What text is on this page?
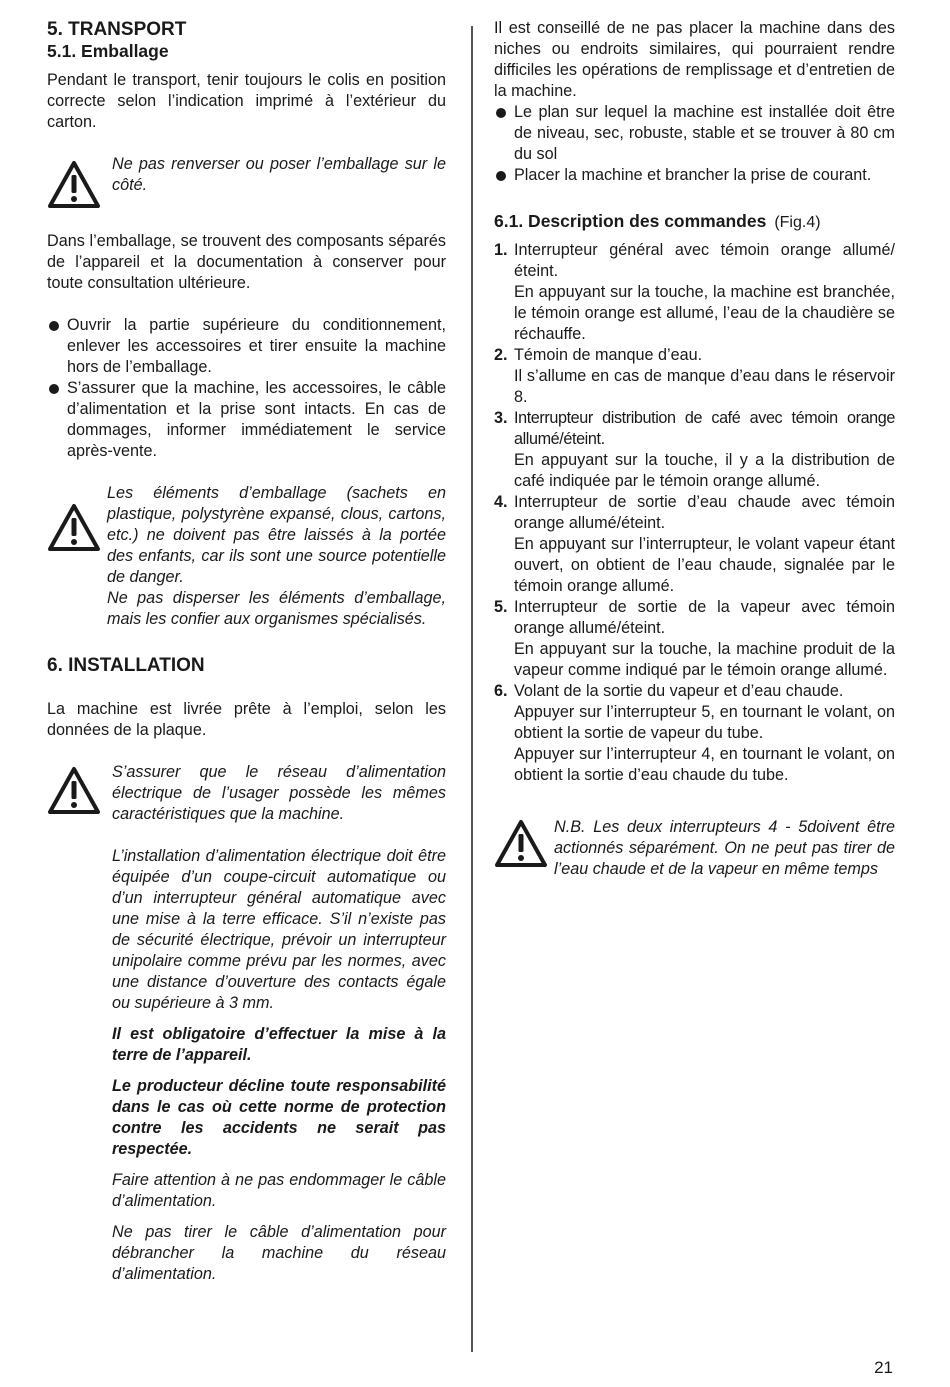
5. TRANSPORT
5.1. Emballage

Pendant le transport, tenir toujours le colis en position correcte selon l’indication imprimé à l’extérieur du carton.

Ne pas renverser ou poser l’emballage sur le côté.

Dans l’emballage, se trouvent des composants séparés de l’appareil et la documentation à conserver pour toute consultation ultérieure.

Ouvrir la partie supérieure du conditionnement, enlever les accessoires et tirer ensuite la machine hors de l’emballage.
S’assurer que la machine, les accessoires, le câble d’alimentation et la prise sont intacts. En cas de dommages, informer immédiatement le service après-vente.

Les éléments d’emballage (sachets en plastique, polystyrène expansé, clous, cartons, etc.) ne doivent pas être laissés à la portée des enfants, car ils sont une source potentielle de danger.

Ne pas disperser les éléments d’emballage, mais les confier aux organismes spécialisés.

6. INSTALLATION

La machine est livrée prête à l’emploi, selon les données de la plaque.

S’assurer que le réseau d’alimentation électrique de l’usager possède les mêmes caractéristiques que la machine.

L’installation d’alimentation électrique doit être équipée d’un coupe-circuit automatique ou d’un interrupteur général automatique avec une mise à la terre efficace. S’il n’existe pas de sécurité électrique, prévoir un interrupteur unipolaire comme prévu par les normes, avec une distance d’ouverture des contacts égale ou supérieure à 3 mm.

Il est obligatoire d’effectuer la mise à la terre de l’appareil.

Le producteur décline toute responsabilité dans le cas où cette norme de protection contre les accidents ne serait pas respectée.

Faire attention à ne pas endommager le câble d’alimentation.

Ne pas tirer le câble d’alimentation pour débrancher la machine du réseau d’alimentation.

Il est conseillé de ne pas placer la machine dans des niches ou endroits similaires, qui pourraient rendre difficiles les opérations de remplissage et d’entretien de la machine.

Le plan sur lequel la machine est installée doit être de niveau, sec, robuste, stable et se trouver à 80 cm du sol
Placer la machine et brancher la prise de courant.
6.1. Description des commandes (Fig.4)
1. Interrupteur général avec témoin orange allumé/éteint.
En appuyant sur la touche, la machine est branchée, le témoin orange est allumé, l’eau de la chaudière se réchauffe.
2. Témoin de manque d’eau.
Il s’allume en cas de manque d’eau dans le réservoir 8.
3. Interrupteur distribution de café avec témoin orange allumé/éteint.
En appuyant sur la touche, il y a la distribution de café indiquée par le témoin orange allumé.
4. Interrupteur de sortie d’eau chaude avec témoin orange allumé/éteint.
En appuyant sur l’interrupteur, le volant vapeur étant ouvert, on obtient de l’eau chaude, signalée par le témoin orange allumé.
5. Interrupteur de sortie de la vapeur avec témoin orange allumé/éteint.
En appuyant sur la touche, la machine produit de la vapeur comme indiqué par le témoin orange allumé.
6. Volant de la sortie du vapeur et d’eau chaude.
Appuyer sur l’interrupteur 5, en tournant le volant, on obtient la sortie de vapeur du tube.
Appuyer sur l’interrupteur 4, en tournant le volant, on obtient la sortie d’eau chaude du tube.

N.B. Les deux interrupteurs 4 - 5doivent être actionnés séparément. On ne peut pas tirer de l’eau chaude et de la vapeur en même temps

21
